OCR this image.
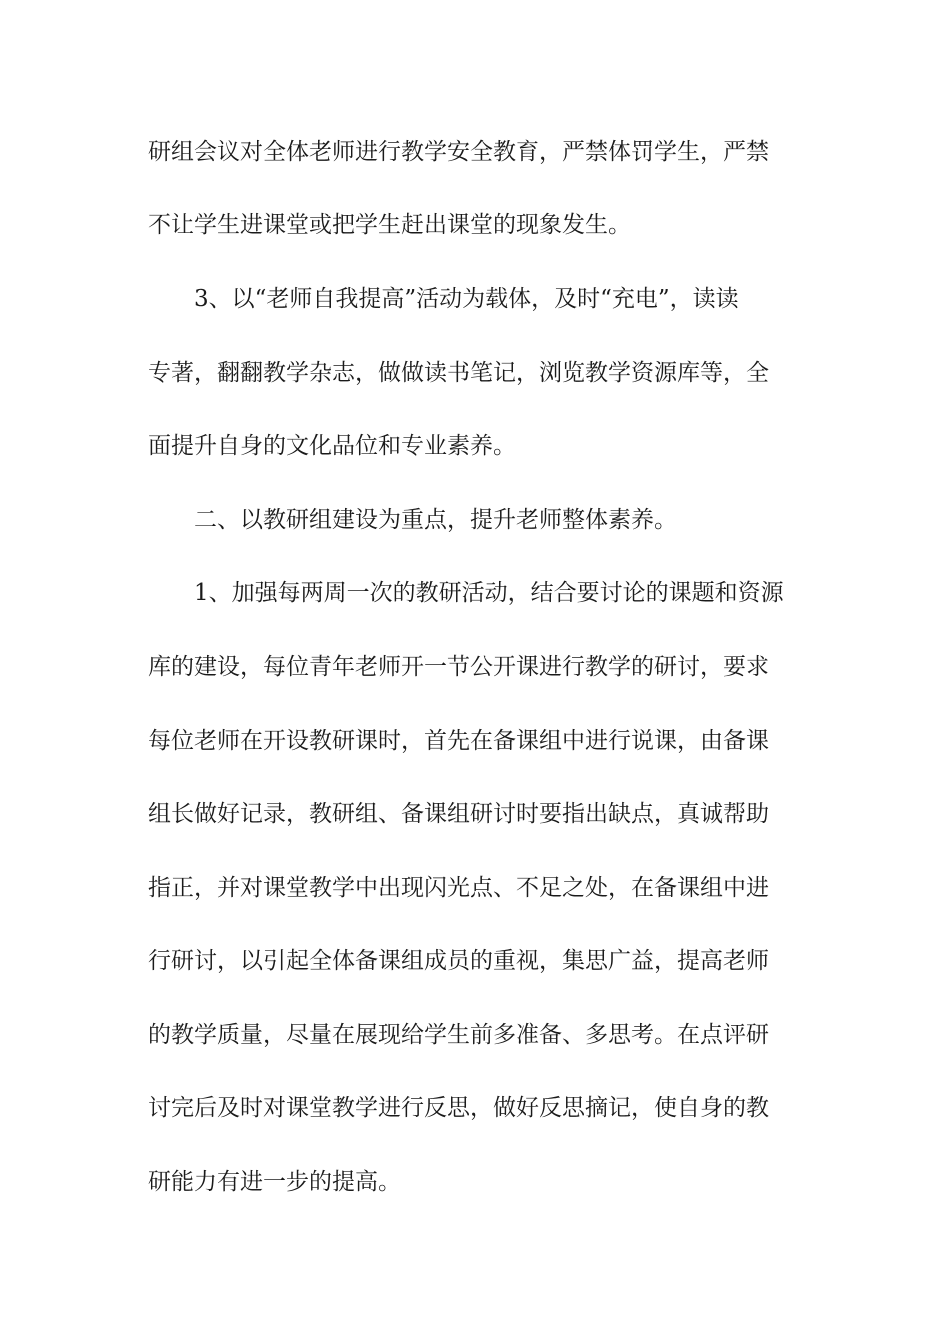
研组会议对全体老师进行教学安全教育，严禁体罚学生，严禁
不让学生进课堂或把学生赶出课堂的现象发生。
　　3、以“老师自我提高”活动为载体，及时“充电”，读读
专著，翻翻教学杂志，做做读书笔记，浏览教学资源库等，全
面提升自身的文化品位和专业素养。
　　二、以教研组建设为重点，提升老师整体素养。
　　1、加强每两周一次的教研活动，结合要讨论的课题和资源
库的建设，每位青年老师开一节公开课进行教学的研讨，要求
每位老师在开设教研课时，首先在备课组中进行说课，由备课
组长做好记录，教研组、备课组研讨时要指出缺点，真诚帮助
指正，并对课堂教学中出现闪光点、不足之处，在备课组中进
行研讨，以引起全体备课组成员的重视，集思广益，提高老师
的教学质量，尽量在展现给学生前多准备、多思考。在点评研
讨完后及时对课堂教学进行反思，做好反思摘记，使自身的教
研能力有进一步的提高。
